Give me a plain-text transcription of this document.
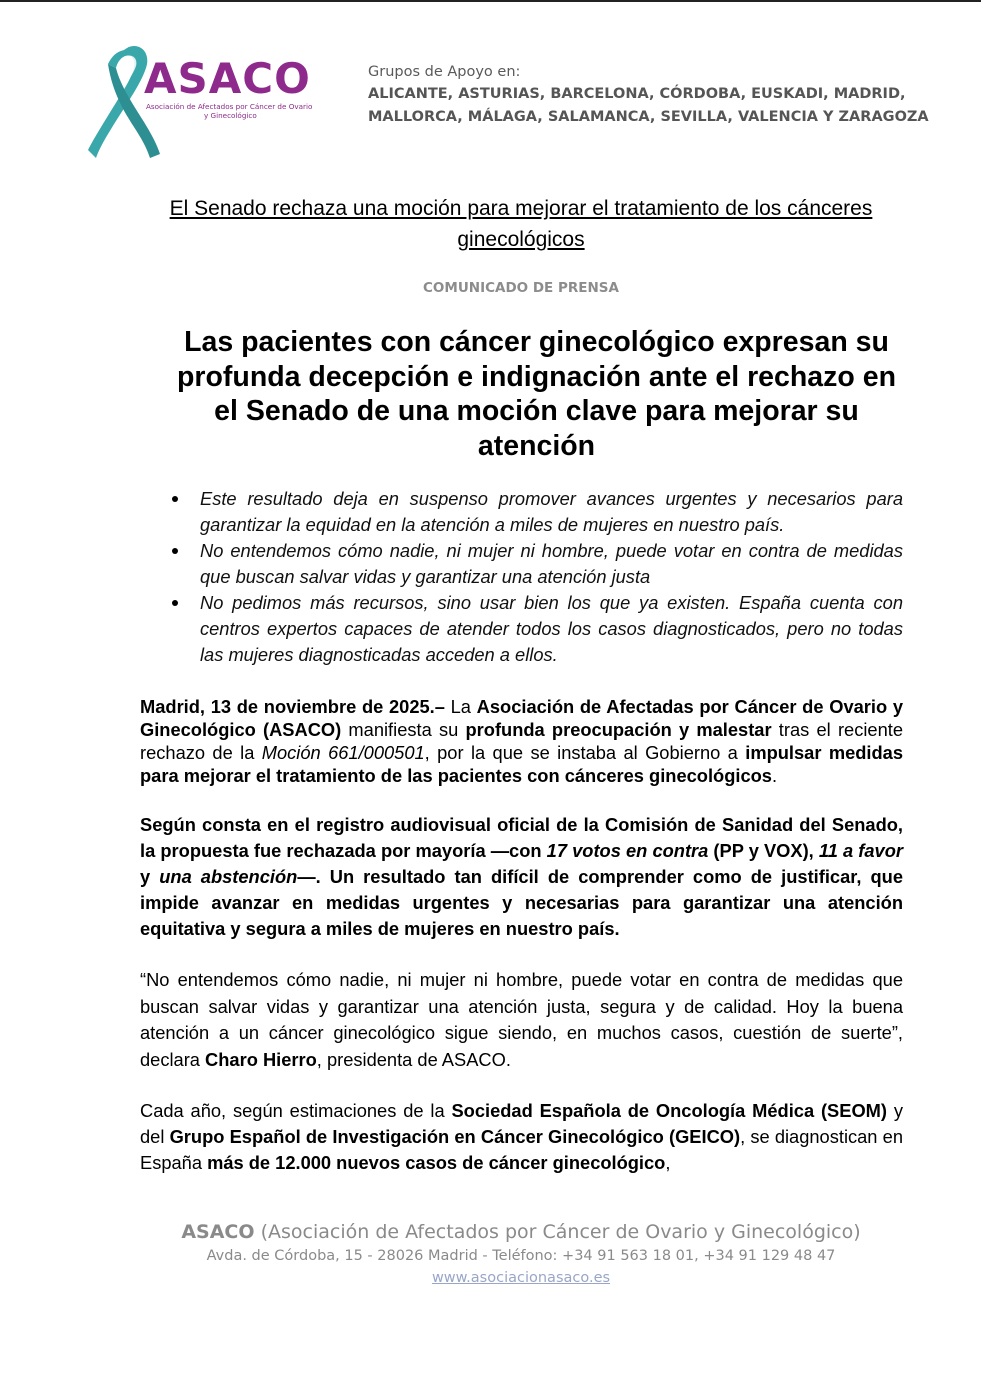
ASACO
Asociación de Afectados por Cáncer de Ovario
y Ginecológico
Grupos de Apoyo en:
ALICANTE, ASTURIAS, BARCELONA, CÓRDOBA, EUSKADI, MADRID,
MALLORCA, MÁLAGA, SALAMANCA, SEVILLA, VALENCIA Y ZARAGOZA
El Senado rechaza una moción para mejorar el tratamiento de los cánceres ginecológicos
COMUNICADO DE PRENSA
Las pacientes con cáncer ginecológico expresan su profunda decepción e indignación ante el rechazo en el Senado de una moción clave para mejorar su atención
Este resultado deja en suspenso promover avances urgentes y necesarios para garantizar la equidad en la atención a miles de mujeres en nuestro país.
No entendemos cómo nadie, ni mujer ni hombre, puede votar en contra de medidas que buscan salvar vidas y garantizar una atención justa
No pedimos más recursos, sino usar bien los que ya existen. España cuenta con centros expertos capaces de atender todos los casos diagnosticados, pero no todas las mujeres diagnosticadas acceden a ellos.

Madrid, 13 de noviembre de 2025.– La Asociación de Afectadas por Cáncer de Ovario y Ginecológico (ASACO) manifiesta su profunda preocupación y malestar tras el reciente rechazo de la Moción 661/000501, por la que se instaba al Gobierno a impulsar medidas para mejorar el tratamiento de las pacientes con cánceres ginecológicos.

Según consta en el registro audiovisual oficial de la Comisión de Sanidad del Senado, la propuesta fue rechazada por mayoría —con 17 votos en contra (PP y VOX), 11 a favor y una abstención—. Un resultado tan difícil de comprender como de justificar, que impide avanzar en medidas urgentes y necesarias para garantizar una atención equitativa y segura a miles de mujeres en nuestro país.

“No entendemos cómo nadie, ni mujer ni hombre, puede votar en contra de medidas que buscan salvar vidas y garantizar una atención justa, segura y de calidad. Hoy la buena atención a un cáncer ginecológico sigue siendo, en muchos casos, cuestión de suerte”, declara Charo Hierro, presidenta de ASACO.

Cada año, según estimaciones de la Sociedad Española de Oncología Médica (SEOM) y del Grupo Español de Investigación en Cáncer Ginecológico (GEICO), se diagnostican en España más de 12.000 nuevos casos de cáncer ginecológico,

ASACO (Asociación de Afectados por Cáncer de Ovario y Ginecológico)
Avda. de Córdoba, 15 - 28026 Madrid - Teléfono: +34 91 563 18 01, +34 91 129 48 47
www.asociacionasaco.es
